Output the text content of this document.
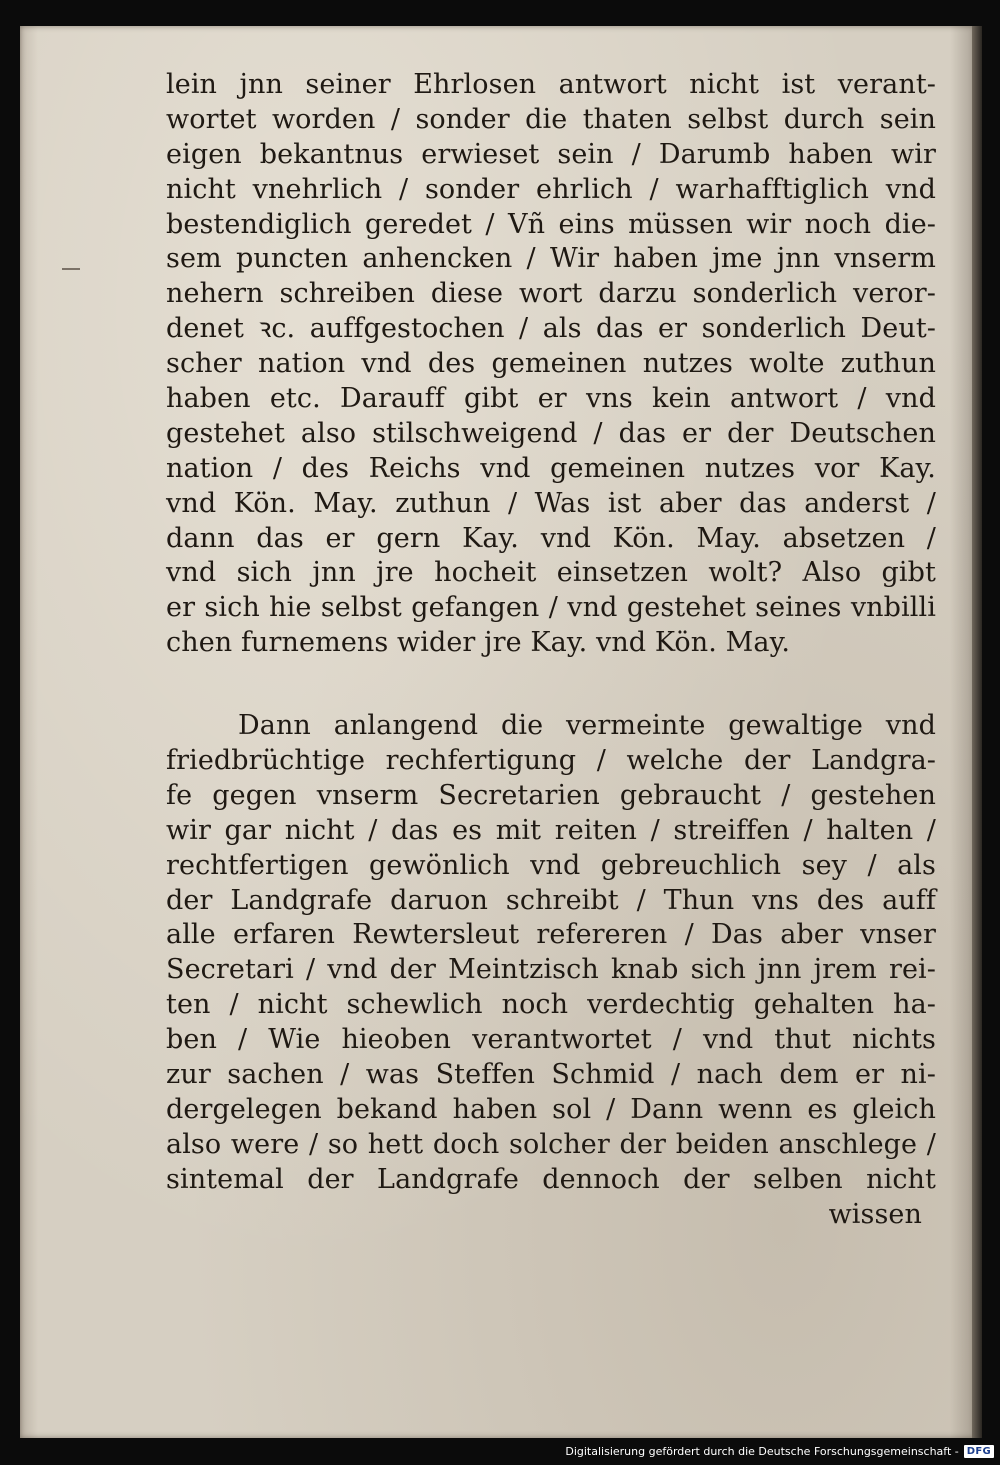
lein jnn seiner Ehrlosen antwort nicht ist verant-
wortet worden / sonder die thaten selbst durch sein
eigen bekantnus erwieset sein / Darumb haben wir
nicht vnehrlich / sonder ehrlich / warhafftiglich vnd
bestendiglich geredet / Vñ eins müssen wir noch die-
sem puncten anhencken / Wir haben jme jnn vnserm
nehern schreiben diese wort darzu sonderlich veror-
denet ꝛc. auffgestochen / als das er sonderlich Deut-
scher nation vnd des gemeinen nutzes wolte zuthun
haben etc. Darauff gibt er vns kein antwort / vnd
gestehet also stilschweigend / das er der Deutschen
nation / des Reichs vnd gemeinen nutzes vor Kay.
vnd Kön. May. zuthun / Was ist aber das anderst /
dann das er gern Kay. vnd Kön. May. absetzen /
vnd sich jnn jre hocheit einsetzen wolt? Also gibt
er sich hie selbst gefangen / vnd gestehet seines vnbilli
chen furnemens wider jre Kay. vnd Kön. May.
Dann anlangend die vermeinte gewaltige vnd
friedbrüchtige rechfertigung / welche der Landgra-
fe gegen vnserm Secretarien gebraucht / gestehen
wir gar nicht / das es mit reiten / streiffen / halten /
rechtfertigen gewönlich vnd gebreuchlich sey / als
der Landgrafe daruon schreibt / Thun vns des auff
alle erfaren Rewtersleut refereren / Das aber vnser
Secretari / vnd der Meintzisch knab sich jnn jrem rei-
ten / nicht schewlich noch verdechtig gehalten ha-
ben / Wie hieoben verantwortet / vnd thut nichts
zur sachen / was Steffen Schmid / nach dem er ni-
dergelegen bekand haben sol / Dann wenn es gleich
also were / so hett doch solcher der beiden anschlege /
sintemal der Landgrafe dennoch der selben nicht
wissen
Digitalisierung gefördert durch die Deutsche Forschungsgemeinschaft - DFG
